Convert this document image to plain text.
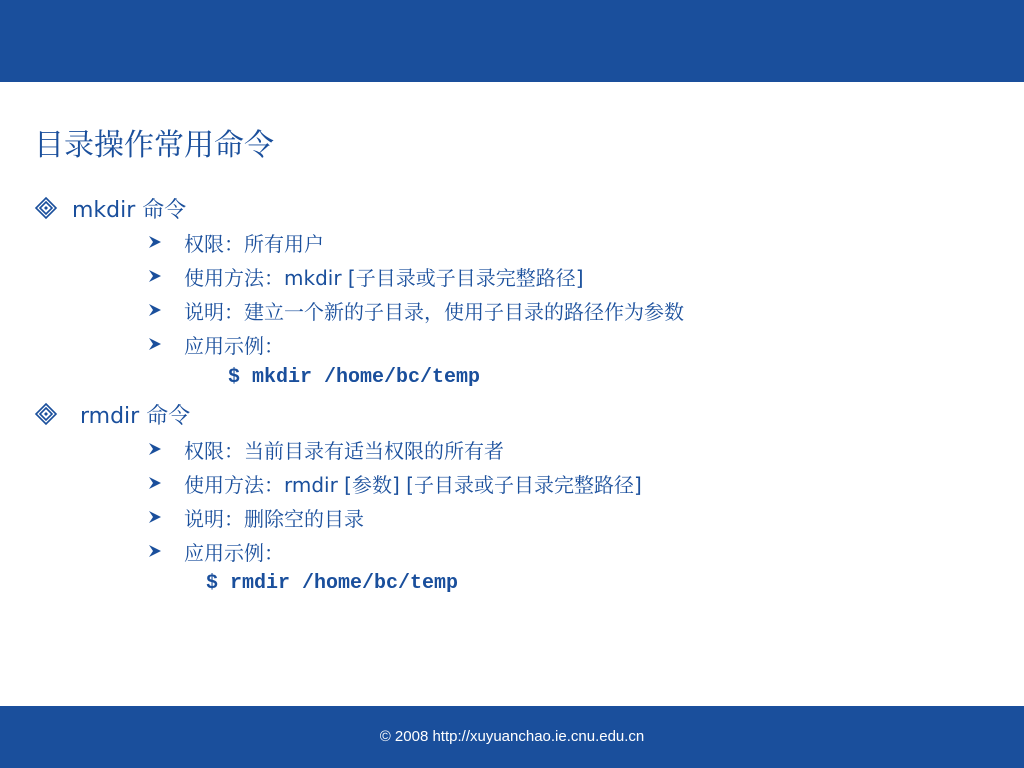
目录操作常用命令
mkdir 命令
权限：所有用户
使用方法：mkdir [子目录或子目录完整路径]
说明：建立一个新的子目录，使用子目录的路径作为参数
应用示例：
$ mkdir /home/bc/temp
rmdir 命令
权限：当前目录有适当权限的所有者
使用方法：rmdir [参数] [子目录或子目录完整路径]
说明：删除空的目录
应用示例：
$ rmdir /home/bc/temp
© 2008 http://xuyuanchao.ie.cnu.edu.cn
